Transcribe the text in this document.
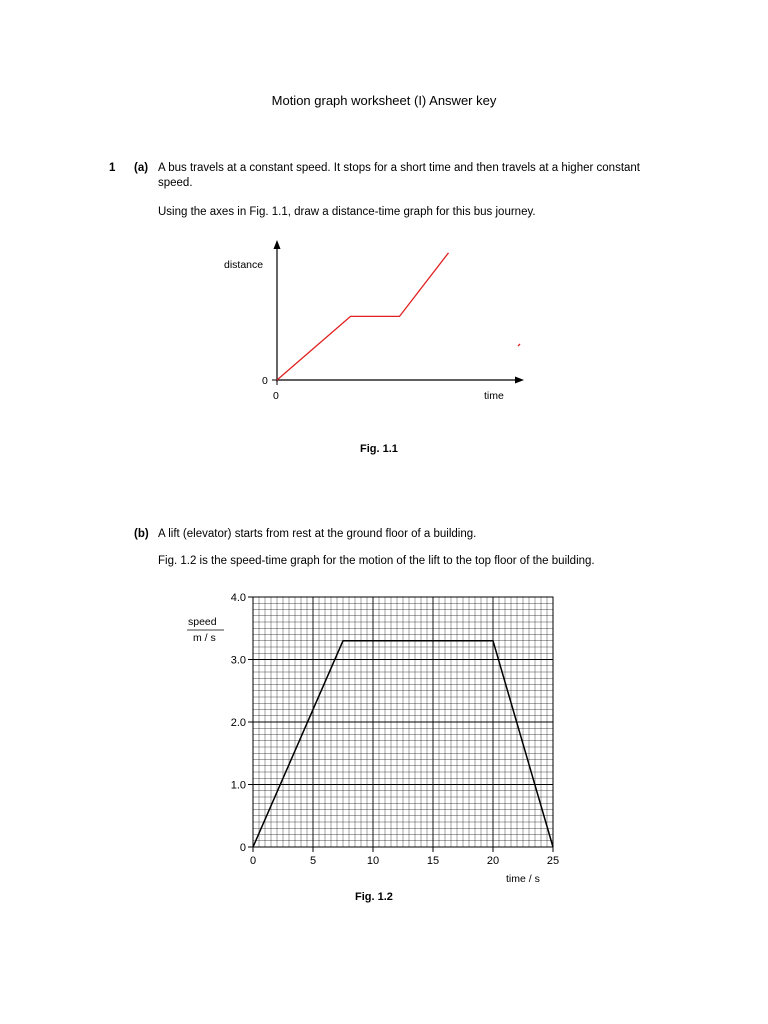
Motion graph worksheet (I) Answer key
1 (a) A bus travels at a constant speed. It stops for a short time and then travels at a higher constant
speed.
Using the axes in Fig. 1.1, draw a distance-time graph for this bus journey.
distance
0
0	time
Fig. 1.1
(b) A lift (elevator) starts from rest at the ground floor of a building.
Fig. 1.2 is the speed-time graph for the motion of the lift to the top floor of the building.
0	5	10	15	20	25
0
1.0
2.0
3.0
4.0
speed
m / s
time / s
Fig. 1.2
